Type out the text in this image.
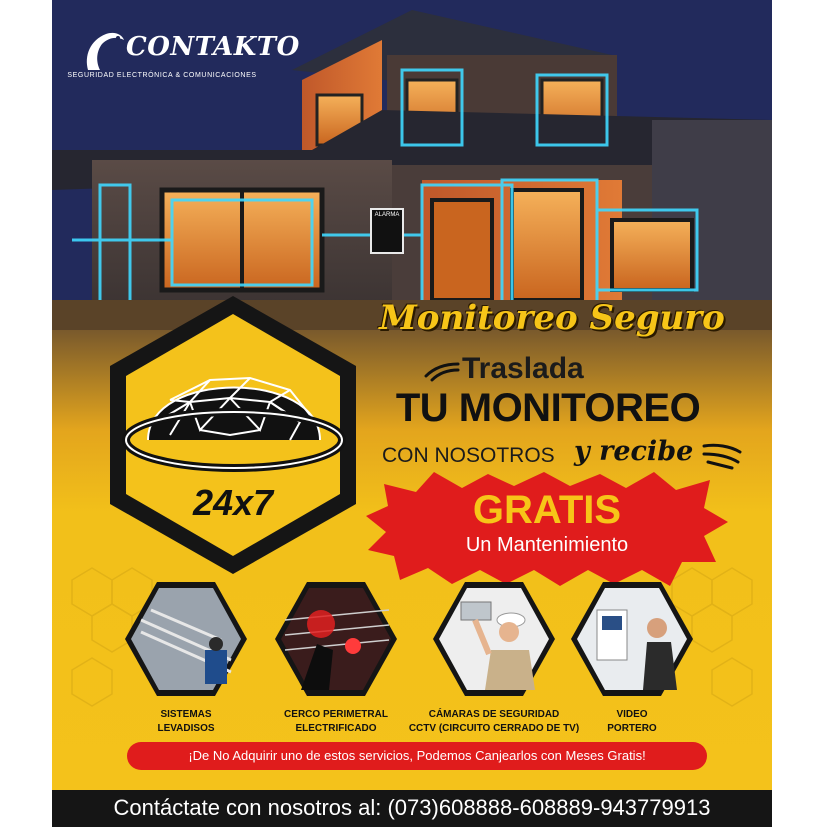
CONTAKTO
SEGURIDAD ELECTRÓNICA & COMUNICACIONES
ALARMA
24x7
Monitoreo Seguro
Traslada
TU MONITOREO
CON NOSOTROS y recibe
GRATIS
Un Mantenimiento
SISTEMAS
LEVADISOS
CERCO PERIMETRAL
ELECTRIFICADO
CÁMARAS DE SEGURIDAD
CCTV (CIRCUITO CERRADO DE TV)
VIDEO
PORTERO
¡De No Adquirir uno de estos servicios, Podemos Canjearlos con Meses Gratis!
Contáctate con nosotros al: (073)608888-608889-943779913
